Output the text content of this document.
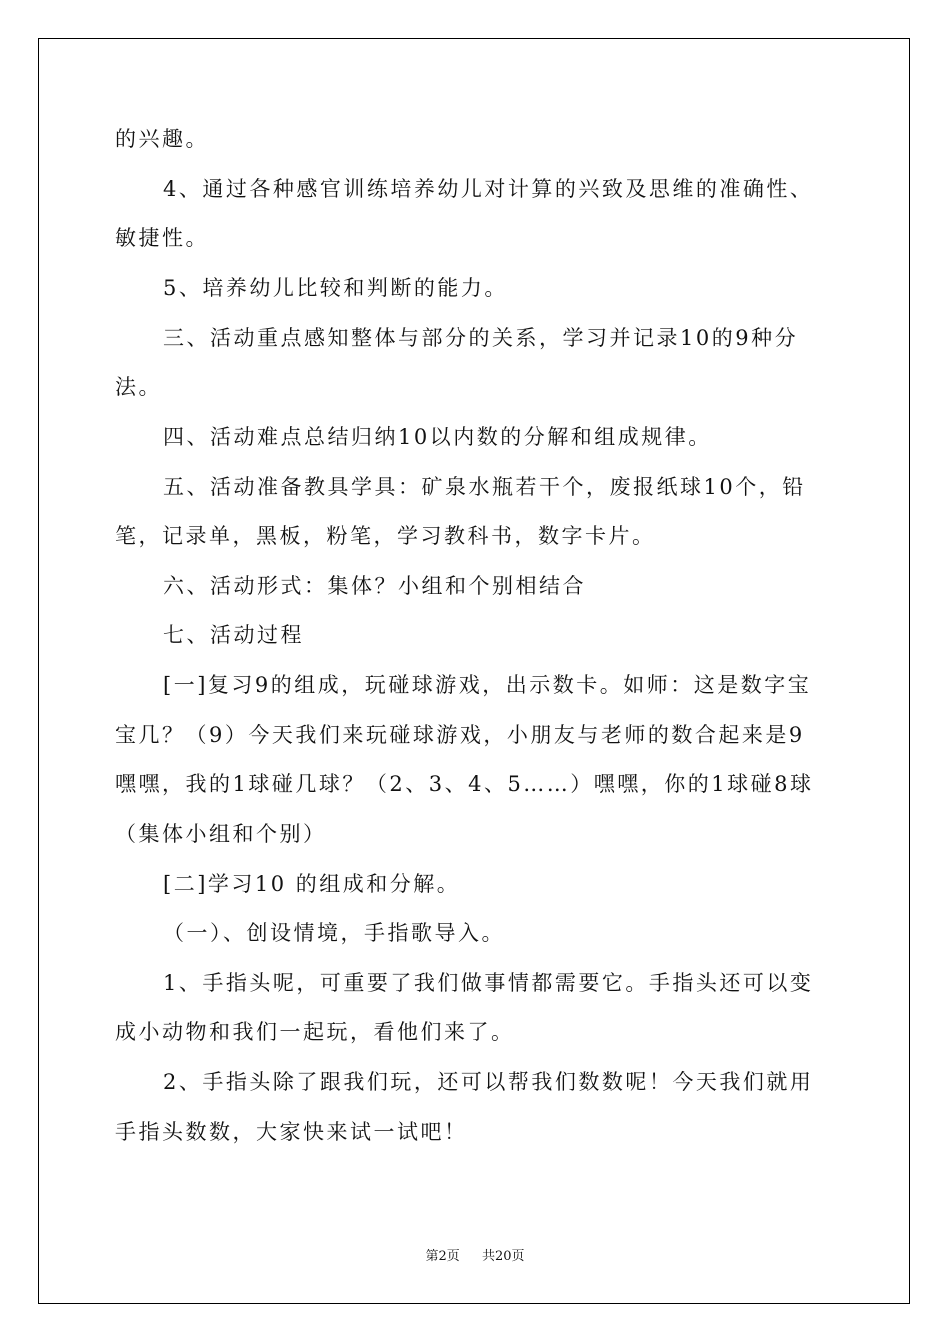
的兴趣。
4、通过各种感官训练培养幼儿对计算的兴致及思维的准确性、
敏捷性。
5、培养幼儿比较和判断的能力。
三、活动重点感知整体与部分的关系，学习并记录10的9种分
法。
四、活动难点总结归纳10以内数的分解和组成规律。
五、活动准备教具学具：矿泉水瓶若干个，废报纸球10个，铅
笔，记录单，黑板，粉笔，学习教科书，数字卡片。
六、活动形式：集体？小组和个别相结合
七、活动过程
[一]复习9的组成，玩碰球游戏，出示数卡。如师：这是数字宝
宝几？（9）今天我们来玩碰球游戏，小朋友与老师的数合起来是9
嘿嘿，我的1球碰几球？（2、3、4、5……）嘿嘿，你的1球碰8球
（集体小组和个别）
[二]学习10 的组成和分解。
（一）、创设情境，手指歌导入。
1、手指头呢，可重要了我们做事情都需要它。手指头还可以变
成小动物和我们一起玩，看他们来了。
2、手指头除了跟我们玩，还可以帮我们数数呢！今天我们就用
手指头数数，大家快来试一试吧！
第2页 共20页
